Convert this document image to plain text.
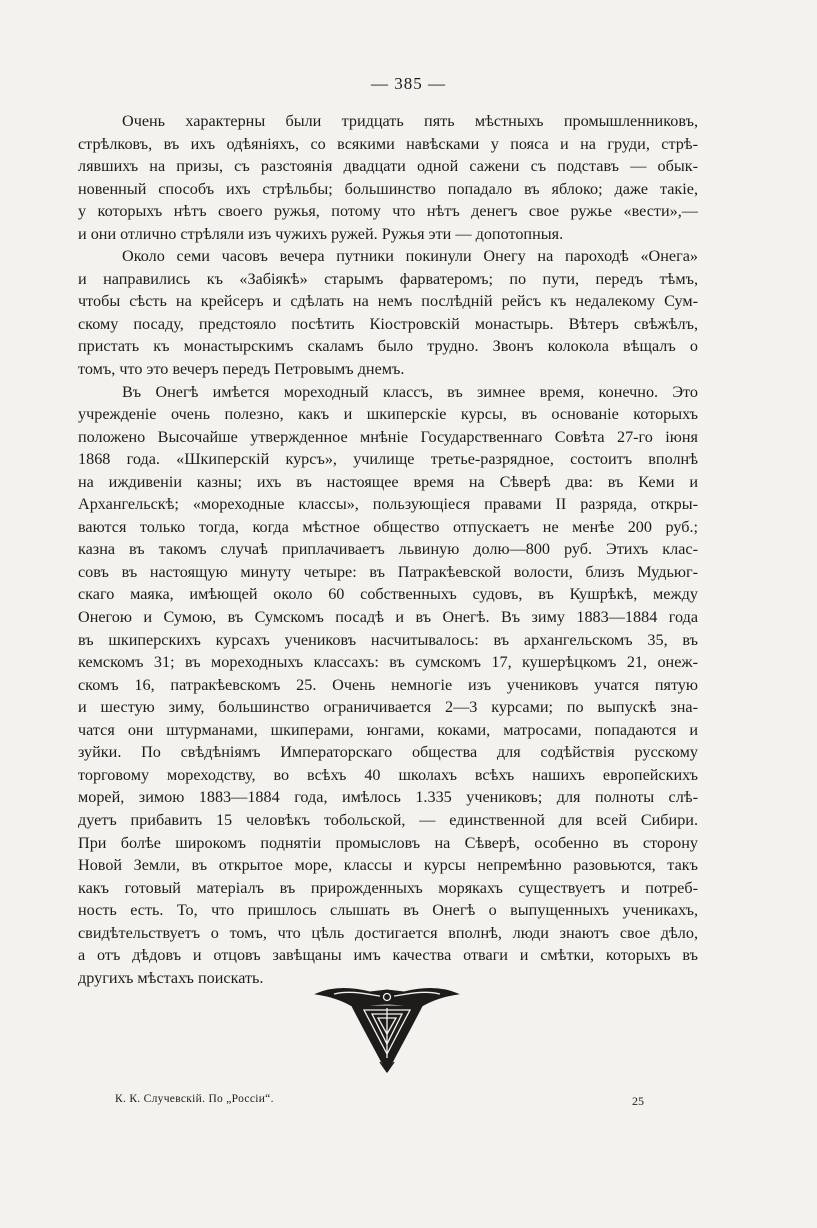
— 385 —
Очень характерны были тридцать пять мѣстныхъ промышленниковъ,
стрѣлковъ, въ ихъ одѣяніяхъ, со всякими навѣсками у пояса и на груди, стрѣ-
лявшихъ на призы, съ разстоянія двадцати одной сажени съ подставъ — обык-
новенный способъ ихъ стрѣльбы; большинство попадало въ яблоко; даже такіе,
у которыхъ нѣтъ своего ружья, потому что нѣтъ денегъ свое ружье «вести»,—
и они отлично стрѣляли изъ чужихъ ружей. Ружья эти — допотопныя.
Около семи часовъ вечера путники покинули Онегу на пароходѣ «Онега»
и направились къ «Забіякѣ» старымъ фарватеромъ; по пути, передъ тѣмъ,
чтобы сѣсть на крейсеръ и сдѣлать на немъ послѣдній рейсъ къ недалекому Сум-
скому посаду, предстояло посѣтить Кіостровскій монастырь. Вѣтеръ свѣжѣлъ,
пристать къ монастырскимъ скаламъ было трудно. Звонъ колокола вѣщалъ о
томъ, что это вечеръ передъ Петровымъ днемъ.
Въ Онегѣ имѣется мореходный классъ, въ зимнее время, конечно. Это
учрежденіе очень полезно, какъ и шкиперскіе курсы, въ основаніе которыхъ
положено Высочайше утвержденное мнѣніе Государственнаго Совѣта 27-го іюня
1868 года. «Шкиперскій курсъ», училище третье-разрядное, состоитъ вполнѣ
на иждивеніи казны; ихъ въ настоящее время на Сѣверѣ два: въ Кеми и
Архангельскѣ; «мореходные классы», пользующіеся правами II разряда, откры-
ваются только тогда, когда мѣстное общество отпускаетъ не менѣе 200 руб.;
казна въ такомъ случаѣ приплачиваетъ львиную долю—800 руб. Этихъ клас-
совъ въ настоящую минуту четыре: въ Патракѣевской волости, близъ Мудьюг-
скаго маяка, имѣющей около 60 собственныхъ судовъ, въ Кушрѣкѣ, между
Онегою и Сумою, въ Сумскомъ посадѣ и въ Онегѣ. Въ зиму 1883—1884 года
въ шкиперскихъ курсахъ учениковъ насчитывалось: въ архангельскомъ 35, въ
кемскомъ 31; въ мореходныхъ классахъ: въ сумскомъ 17, кушерѣцкомъ 21, онеж-
скомъ 16, патракѣевскомъ 25. Очень немногіе изъ учениковъ учатся пятую
и шестую зиму, большинство ограничивается 2—3 курсами; по выпускѣ зна-
чатся они штурманами, шкиперами, юнгами, коками, матросами, попадаются и
зуйки. По свѣдѣніямъ Императорскаго общества для содѣйствія русскому
торговому мореходству, во всѣхъ 40 школахъ всѣхъ нашихъ европейскихъ
морей, зимою 1883—1884 года, имѣлось 1.335 учениковъ; для полноты слѣ-
дуетъ прибавить 15 человѣкъ тобольской, — единственной для всей Сибири.
При болѣе широкомъ поднятіи промысловъ на Сѣверѣ, особенно въ сторону
Новой Земли, въ открытое море, классы и курсы непремѣнно разовьются, такъ
какъ готовый матеріалъ въ прирожденныхъ морякахъ существуетъ и потреб-
ность есть. То, что пришлось слышать въ Онегѣ о выпущенныхъ ученикахъ,
свидѣтельствуетъ о томъ, что цѣль достигается вполнѣ, люди знаютъ свое дѣло,
а отъ дѣдовъ и отцовъ завѣщаны имъ качества отваги и смѣтки, которыхъ въ
другихъ мѣстахъ поискать.
К. К. Случевскій. По „Россіи“.	25
